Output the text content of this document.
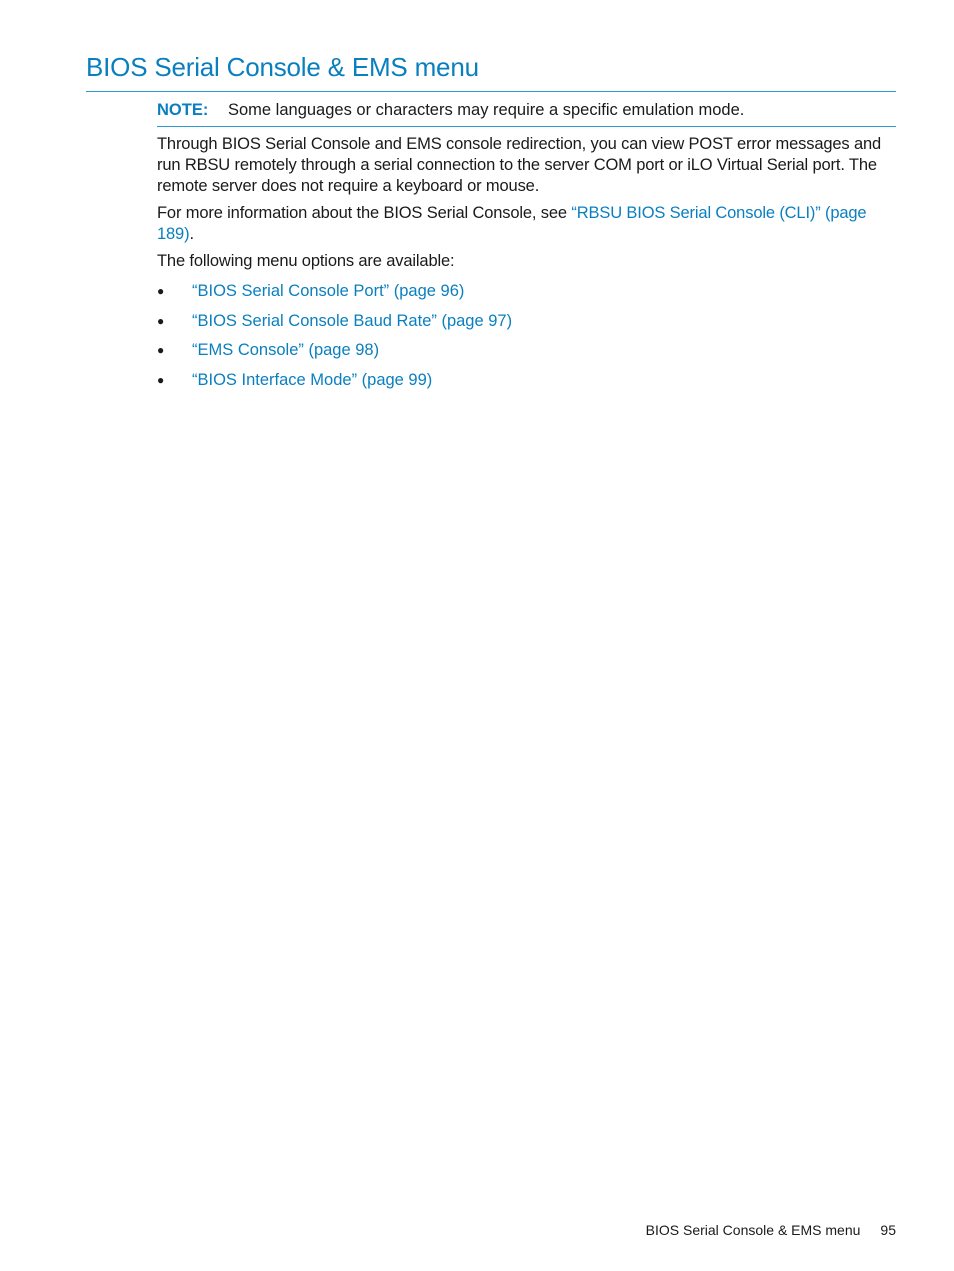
BIOS Serial Console & EMS menu
NOTE: Some languages or characters may require a specific emulation mode.

Through BIOS Serial Console and EMS console redirection, you can view POST error messages and run RBSU remotely through a serial connection to the server COM port or iLO Virtual Serial port. The remote server does not require a keyboard or mouse.

For more information about the BIOS Serial Console, see “RBSU BIOS Serial Console (CLI)” (page 189).

The following menu options are available:

●	“BIOS Serial Console Port” (page 96)
●	“BIOS Serial Console Baud Rate” (page 97)
●	“EMS Console” (page 98)
●	“BIOS Interface Mode” (page 99)
BIOS Serial Console & EMS menu 95
